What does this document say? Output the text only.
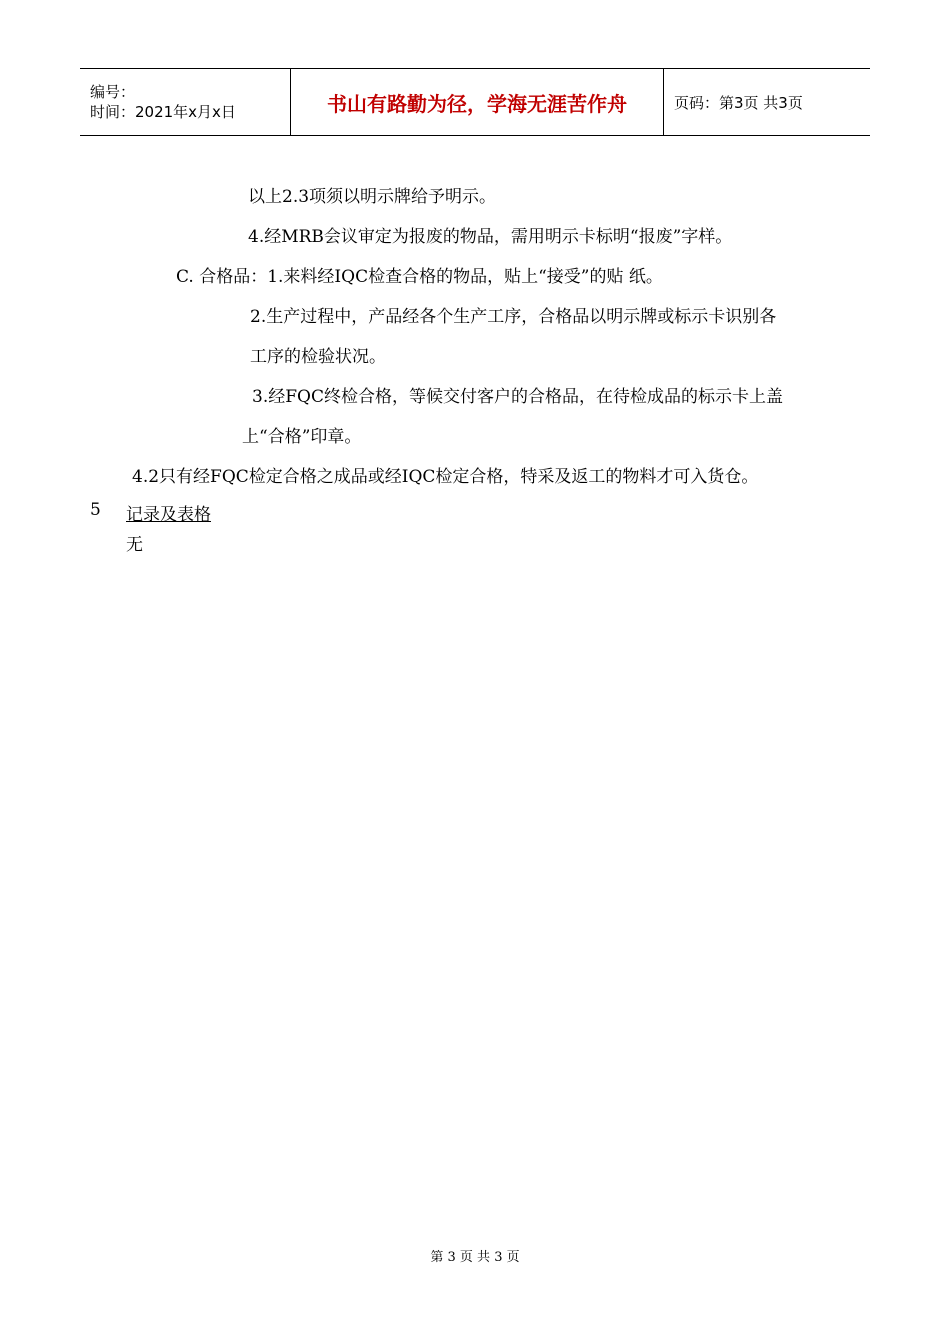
编号：
时间：2021年x月x日	书山有路勤为径，学海无涯苦作舟	页码：第3页 共3页
以上2.3项须以明示牌给予明示。
4.经MRB会议审定为报废的物品，需用明示卡标明“报废”字样。
C. 合格品：1.来料经IQC检查合格的物品，贴上“接受”的贴 纸。
2.生产过程中，产品经各个生产工序，合格品以明示牌或标示卡识别各
工序的检验状况。
3.经FQC终检合格，等候交付客户的合格品，在待检成品的标示卡上盖
上“合格”印章。
4.2只有经FQC检定合格之成品或经IQC检定合格，特采及返工的物料才可入货仓。
5 记录及表格
无
第 3 页 共 3 页
